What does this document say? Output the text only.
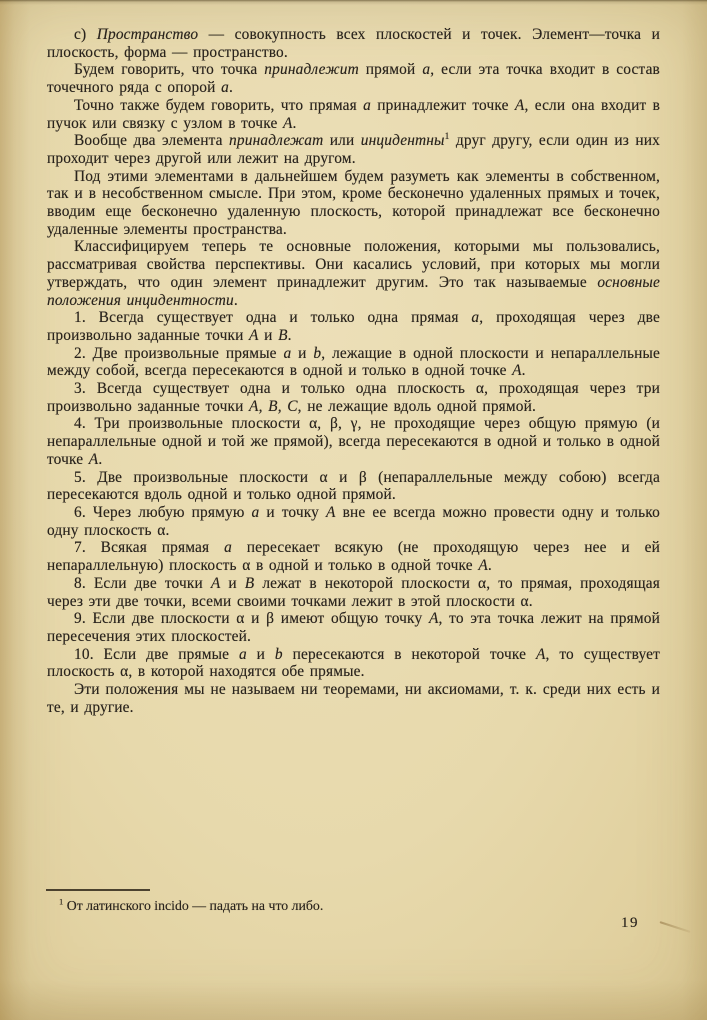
с) Пространство — совокупность всех плоскостей и точек. Элемент—точка и плоскость, форма — пространство.

Будем говорить, что точка принадлежит прямой а, если эта точка входит в состав точечного ряда с опорой а.

Точно также будем говорить, что прямая а принадлежит точке А, если она входит в пучок или связку с узлом в точке А.

Вообще два элемента принадлежат или инцидентны$^1$ друг другу, если один из них проходит через другой или лежит на другом.

Под этими элементами в дальнейшем будем разуметь как элементы в собственном, так и в несобственном смысле. При этом, кроме бесконечно удаленных прямых и точек, вводим еще бесконечно удаленную плоскость, которой принадлежат все бесконечно удаленные элементы пространства.

Классифицируем теперь те основные положения, которыми мы пользовались, рассматривая свойства перспективы. Они касались условий, при которых мы могли утверждать, что один элемент принадлежит другим. Это так называемые основные положения инцидентности.

1. Всегда существует одна и только одна прямая а, проходящая через две произвольно заданные точки А и В.

2. Две произвольные прямые а и b, лежащие в одной плоскости и непараллельные между собой, всегда пересекаются в одной и только в одной точке А.

3. Всегда существует одна и только одна плоскость α, проходящая через три произвольно заданные точки А, В, С, не лежащие вдоль одной прямой.

4. Три произвольные плоскости α, β, γ, не проходящие через общую прямую (и непараллельные одной и той же прямой), всегда пересекаются в одной и только в одной точке А.

5. Две произвольные плоскости α и β (непараллельные между собою) всегда пересекаются вдоль одной и только одной прямой.

6. Через любую прямую а и точку А вне ее всегда можно провести одну и только одну плоскость α.

7. Всякая прямая а пересекает всякую (не проходящую через нее и ей непараллельную) плоскость α в одной и только в одной точке А.

8. Если две точки А и В лежат в некоторой плоскости α, то прямая, проходящая через эти две точки, всеми своими точками лежит в этой плоскости α.

9. Если две плоскости α и β имеют общую точку А, то эта точка лежит на прямой пересечения этих плоскостей.

10. Если две прямые а и b пересекаются в некоторой точке А, то существует плоскость α, в которой находятся обе прямые.

Эти положения мы не называем ни теоремами, ни аксиомами, т. к. среди них есть и те, и другие.

$^1$ От латинского incido — падать на что либо.
19
